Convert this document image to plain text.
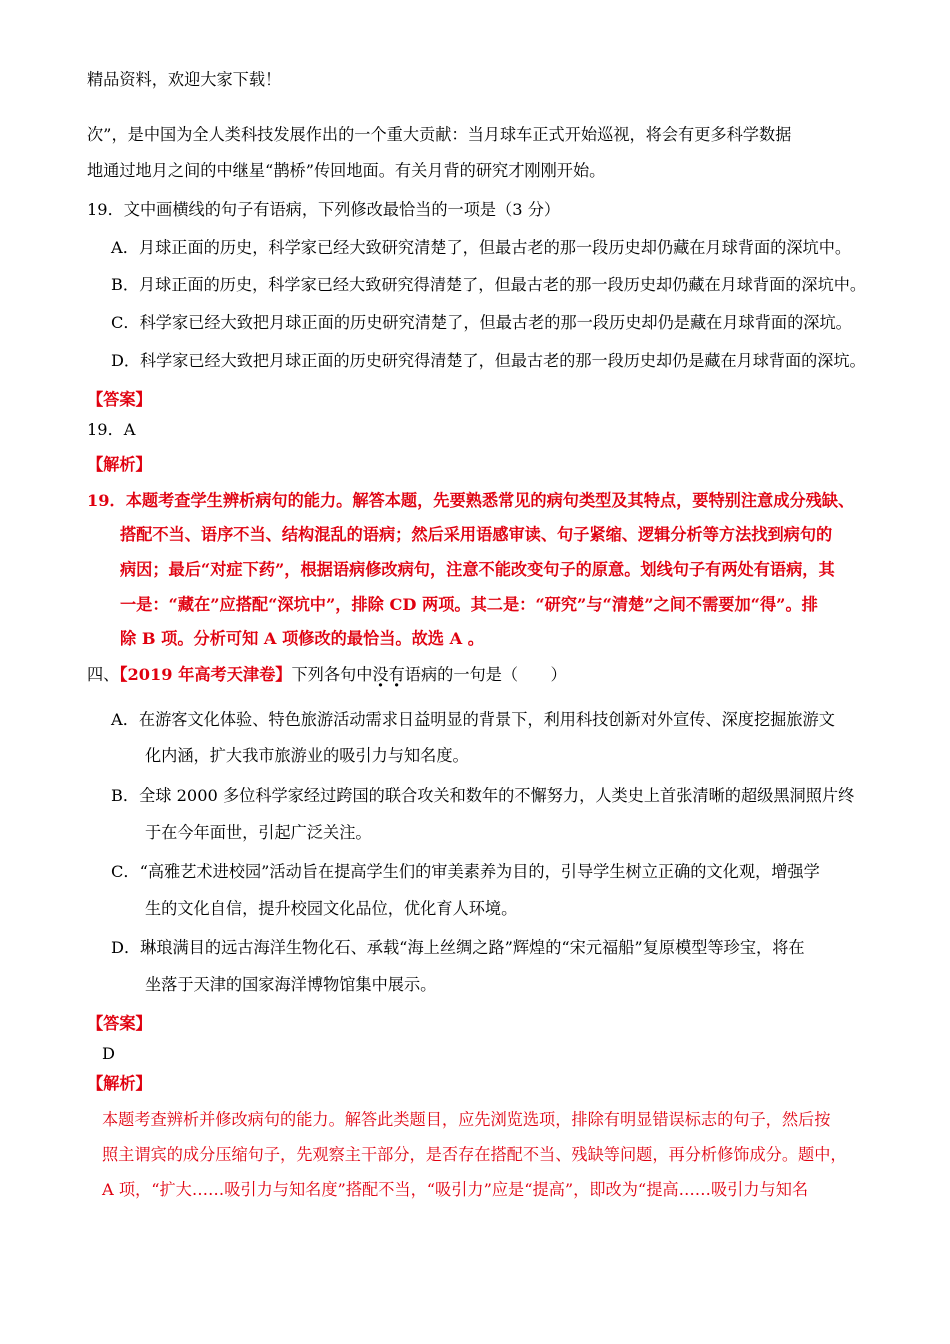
精品资料，欢迎大家下载！
次”，是中国为全人类科技发展作出的一个重大贡献：当月球车正式开始巡视，将会有更多科学数据
地通过地月之间的中继星“鹊桥”传回地面。有关月背的研究才刚刚开始。
19．文中画横线的句子有语病，下列修改最恰当的一项是（3 分）
A．月球正面的历史，科学家已经大致研究清楚了，但最古老的那一段历史却仍藏在月球背面的深坑中。
B．月球正面的历史，科学家已经大致研究得清楚了，但最古老的那一段历史却仍藏在月球背面的深坑中。
C．科学家已经大致把月球正面的历史研究清楚了，但最古老的那一段历史却仍是藏在月球背面的深坑。
D．科学家已经大致把月球正面的历史研究得清楚了，但最古老的那一段历史却仍是藏在月球背面的深坑。
【答案】
19．A
【解析】
19．本题考查学生辨析病句的能力。解答本题，先要熟悉常见的病句类型及其特点，要特别注意成分残缺、
搭配不当、语序不当、结构混乱的语病；然后采用语感审读、句子紧缩、逻辑分析等方法找到病句的
病因；最后“对症下药”，根据语病修改病句，注意不能改变句子的原意。划线句子有两处有语病，其
一是：“藏在”应搭配“深坑中”，排除 CD 两项。其二是：“研究”与“清楚”之间不需要加“得”。排
除 B 项。分析可知 A 项修改的最恰当。故选 A 。
四、【2019 年高考天津卷】下列各句中没有语病的一句是（　　）
A．在游客文化体验、特色旅游活动需求日益明显的背景下，利用科技创新对外宣传、深度挖掘旅游文
化内涵，扩大我市旅游业的吸引力与知名度。
B．全球 2000 多位科学家经过跨国的联合攻关和数年的不懈努力，人类史上首张清晰的超级黑洞照片终
于在今年面世，引起广泛关注。
C．“高雅艺术进校园”活动旨在提高学生们的审美素养为目的，引导学生树立正确的文化观，增强学
生的文化自信，提升校园文化品位，优化育人环境。
D．琳琅满目的远古海洋生物化石、承载“海上丝绸之路”辉煌的“宋元福船”复原模型等珍宝，将在
坐落于天津的国家海洋博物馆集中展示。
【答案】
D
【解析】
本题考查辨析并修改病句的能力。解答此类题目，应先浏览选项，排除有明显错误标志的句子，然后按
照主谓宾的成分压缩句子，先观察主干部分，是否存在搭配不当、残缺等问题，再分析修饰成分。题中，
A 项，“扩大……吸引力与知名度”搭配不当，“吸引力”应是“提高”，即改为“提高……吸引力与知名
